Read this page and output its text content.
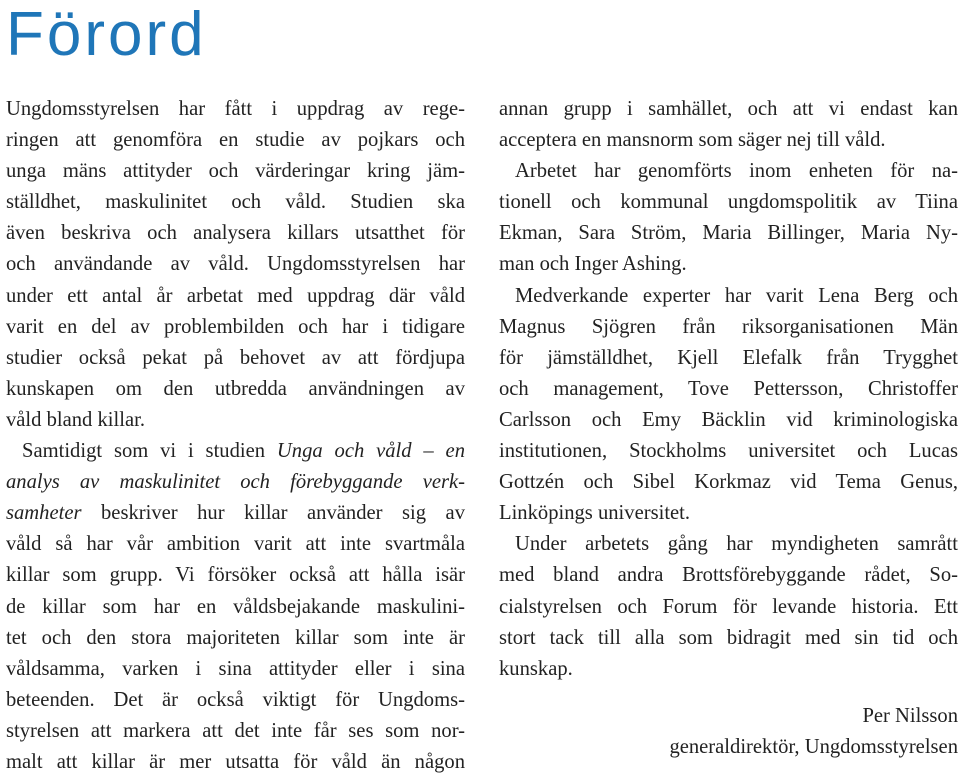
Förord
Ungdomsstyrelsen har fått i uppdrag av rege-
ringen att genomföra en studie av pojkars och
unga mäns attityder och värderingar kring jäm-
ställdhet, maskulinitet och våld. Studien ska
även beskriva och analysera killars utsatthet för
och användande av våld. Ungdomsstyrelsen har
under ett antal år arbetat med uppdrag där våld
varit en del av problembilden och har i tidigare
studier också pekat på behovet av att fördjupa
kunskapen om den utbredda användningen av
våld bland killar.
Samtidigt som vi i studien Unga och våld – en
analys av maskulinitet och förebyggande verk-
samheter beskriver hur killar använder sig av
våld så har vår ambition varit att inte svartmåla
killar som grupp. Vi försöker också att hålla isär
de killar som har en våldsbejakande maskulini-
tet och den stora majoriteten killar som inte är
våldsamma, varken i sina attityder eller i sina
beteenden. Det är också viktigt för Ungdoms-
styrelsen att markera att det inte får ses som nor-
malt att killar är mer utsatta för våld än någon
annan grupp i samhället, och att vi endast kan
acceptera en mansnorm som säger nej till våld.
Arbetet har genomförts inom enheten för na-
tionell och kommunal ungdomspolitik av Tiina
Ekman, Sara Ström, Maria Billinger, Maria Ny-
man och Inger Ashing.
Medverkande experter har varit Lena Berg och
Magnus Sjögren från riksorganisationen Män
för jämställdhet, Kjell Elefalk från Trygghet
och management, Tove Pettersson, Christoffer
Carlsson och Emy Bäcklin vid kriminologiska
institutionen, Stockholms universitet och Lucas
Gottzén och Sibel Korkmaz vid Tema Genus,
Linköpings universitet.
Under arbetets gång har myndigheten samrått
med bland andra Brottsförebyggande rådet, So-
cialstyrelsen och Forum för levande historia. Ett
stort tack till alla som bidragit med sin tid och
kunskap.
Per Nilsson
generaldirektör, Ungdomsstyrelsen
